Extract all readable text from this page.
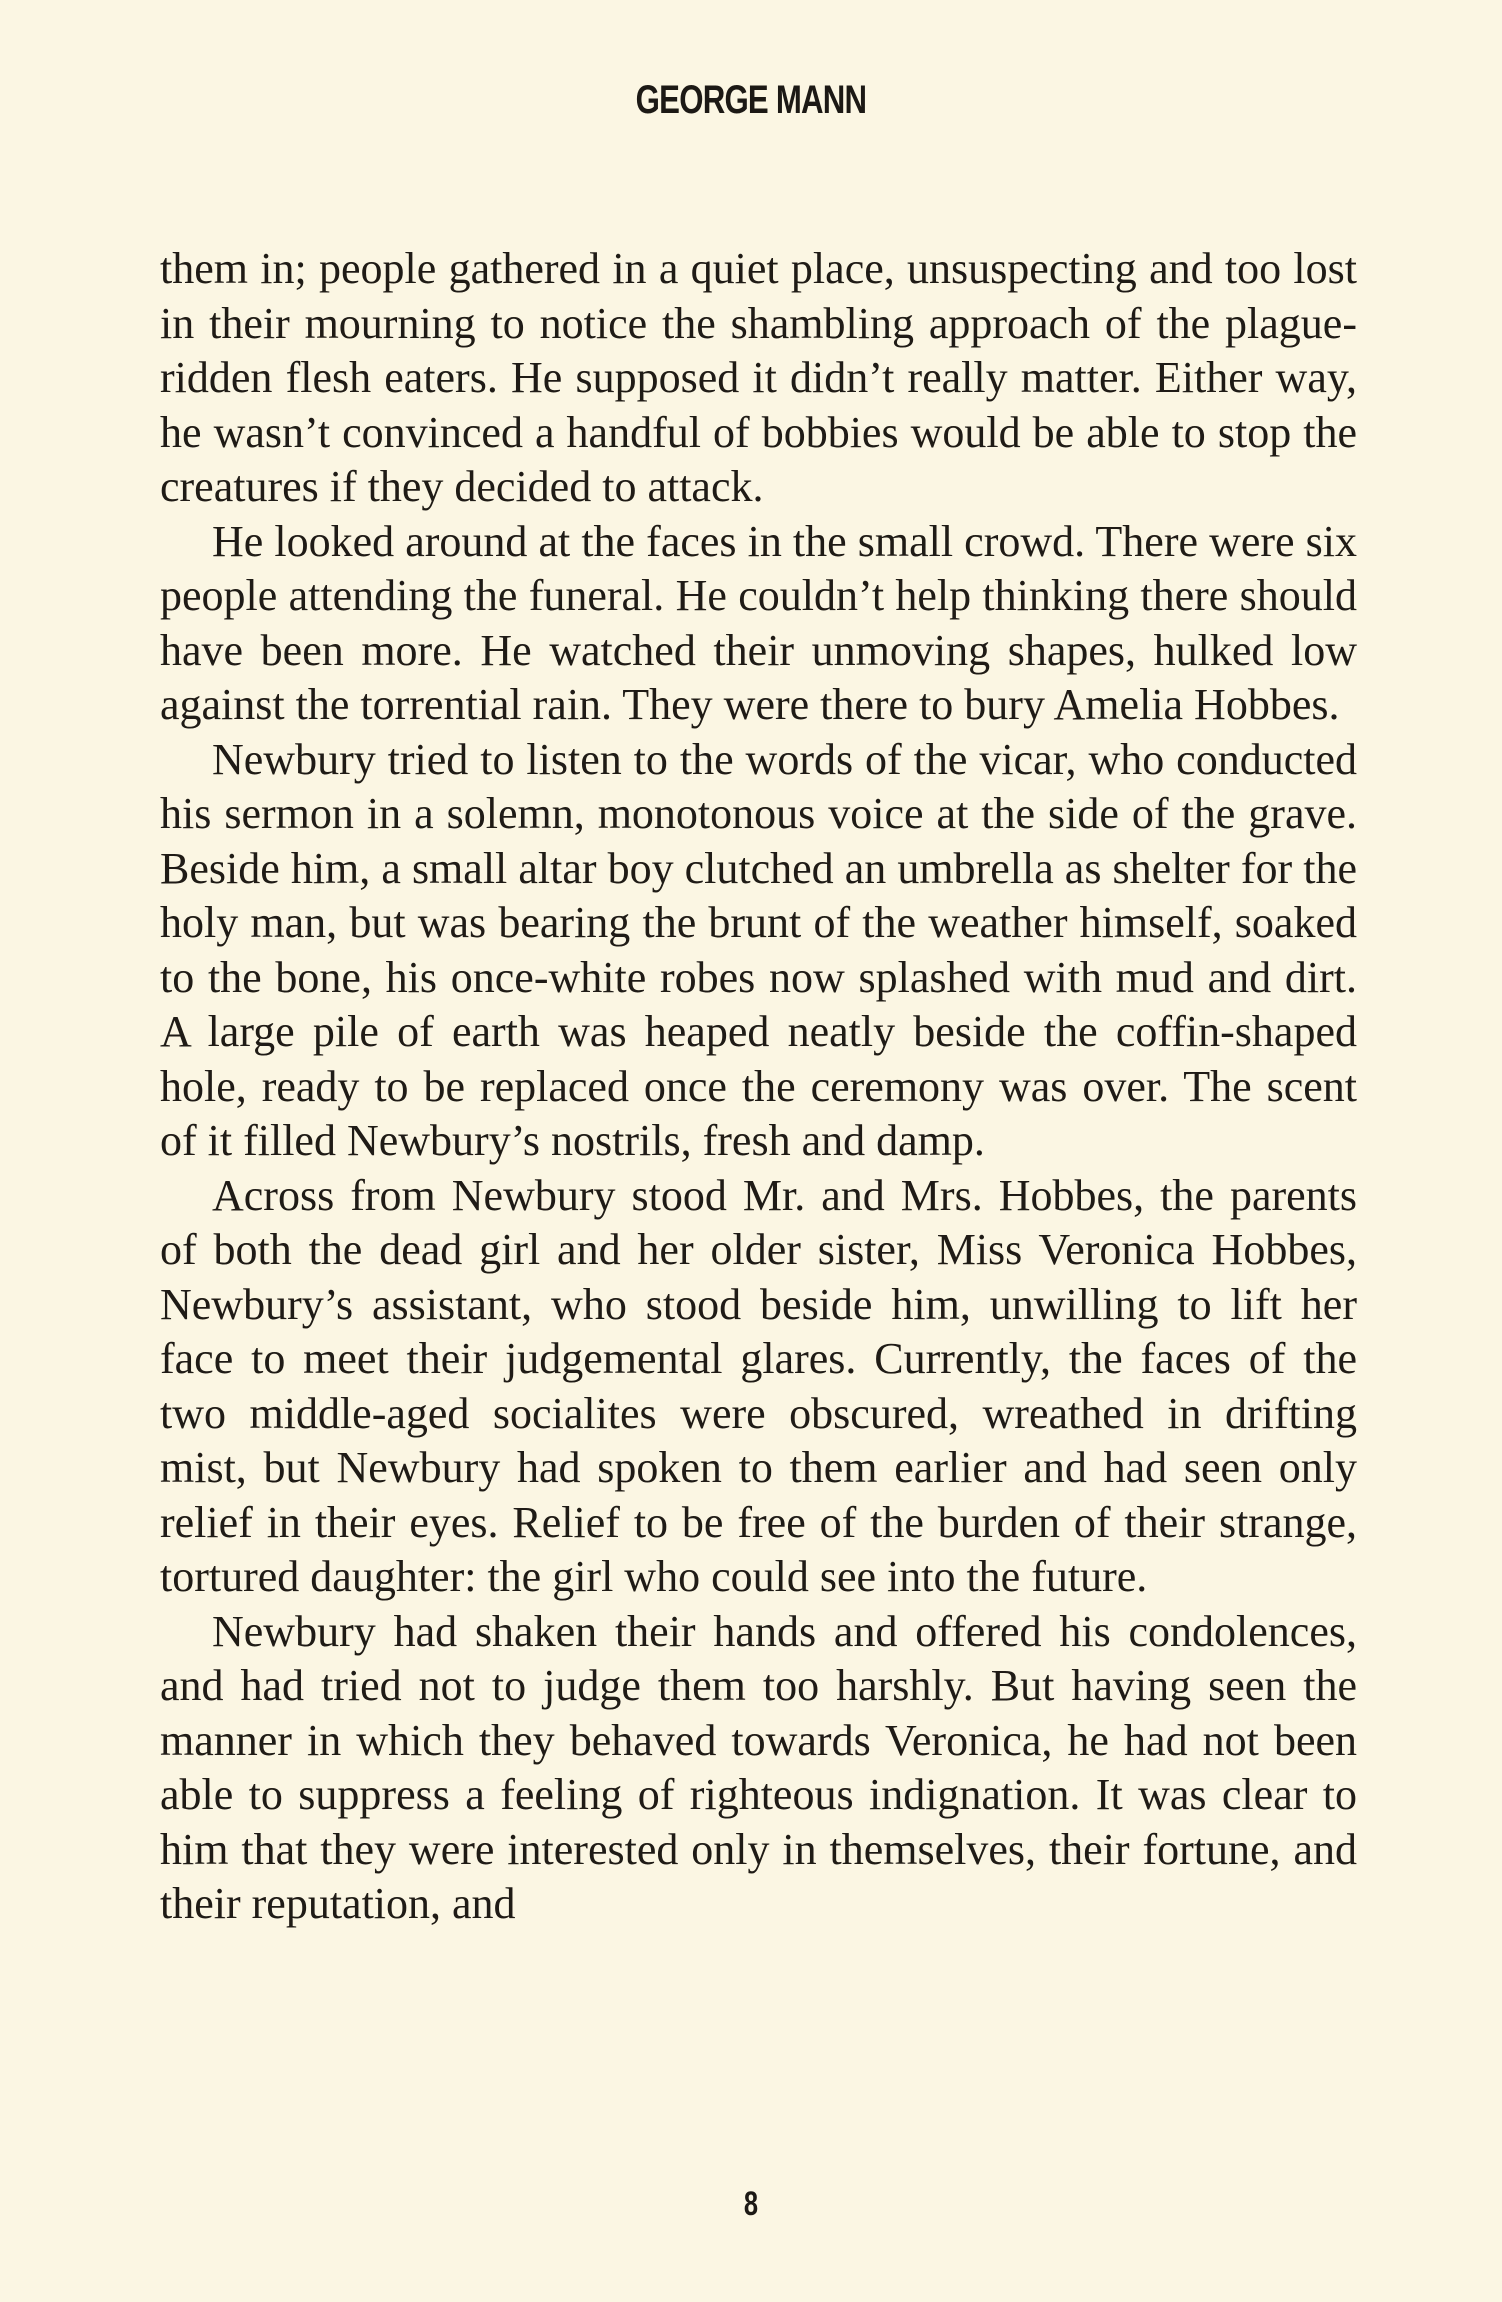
GEORGE MANN

them in; people gathered in a quiet place, unsuspecting and too lost in their mourning to notice the shambling approach of the plague-ridden flesh eaters. He supposed it didn’t really matter. Either way, he wasn’t convinced a handful of bobbies would be able to stop the creatures if they decided to attack.

He looked around at the faces in the small crowd. There were six people attending the funeral. He couldn’t help thinking there should have been more. He watched their unmoving shapes, hulked low against the torrential rain. They were there to bury Amelia Hobbes.

Newbury tried to listen to the words of the vicar, who conducted his sermon in a solemn, monotonous voice at the side of the grave. Beside him, a small altar boy clutched an umbrella as shelter for the holy man, but was bearing the brunt of the weather himself, soaked to the bone, his once-white robes now splashed with mud and dirt. A large pile of earth was heaped neatly beside the coffin-shaped hole, ready to be replaced once the ceremony was over. The scent of it filled Newbury’s nostrils, fresh and damp.

Across from Newbury stood Mr. and Mrs. Hobbes, the parents of both the dead girl and her older sister, Miss Veronica Hobbes, Newbury’s assistant, who stood beside him, unwilling to lift her face to meet their judgemental glares. Currently, the faces of the two middle-aged socialites were obscured, wreathed in drifting mist, but Newbury had spoken to them earlier and had seen only relief in their eyes. Relief to be free of the burden of their strange, tortured daughter: the girl who could see into the future.

Newbury had shaken their hands and offered his condolences, and had tried not to judge them too harshly. But having seen the manner in which they behaved towards Veronica, he had not been able to suppress a feeling of righteous indignation. It was clear to him that they were interested only in themselves, their fortune, and their reputation, and

8
